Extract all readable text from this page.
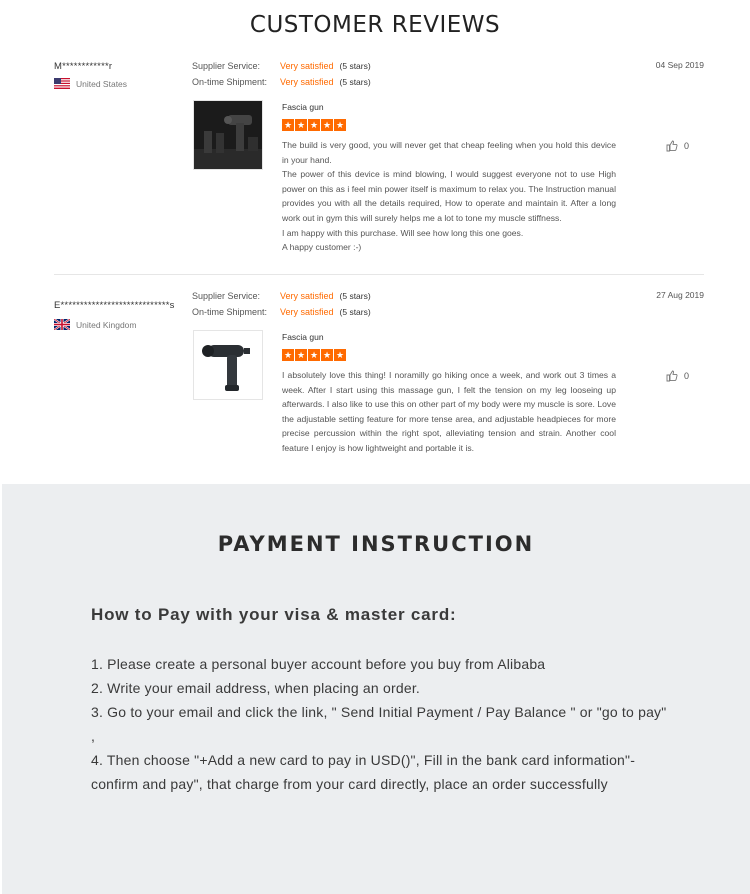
CUSTOMER REVIEWS
M************r
United States
Supplier Service:	Very satisfied (5 stars)
On-time Shipment:	Very satisfied (5 stars)
04 Sep 2019
Fascia gun
★ ★ ★ ★ ★

The build is very good, you will never get that cheap feeling when you hold this device in your hand.

The power of this device is mind blowing, I would suggest everyone not to use High power on this as i feel min power itself is maximum to relax you. The Instruction manual provides you with all the details required, How to operate and maintain it. After a long work out in gym this will surely helps me a lot to tone my muscle stiffness.

I am happy with this purchase. Will see how long this one goes.

A happy customer :-)

0
E****************************s
United Kingdom
Supplier Service:	Very satisfied (5 stars)
On-time Shipment:	Very satisfied (5 stars)
27 Aug 2019
Fascia gun
★ ★ ★ ★ ★

I absolutely love this thing! I noramilly go hiking once a week, and work out 3 times a week. After I start using this massage gun, I felt the tension on my leg looseing up afterwards. I also like to use this on other part of my body were my muscle is sore. Love the adjustable setting feature for more tense area, and adjustable headpieces for more precise percussion within the right spot, alleviating tension and strain. Another cool feature I enjoy is how lightweight and portable it is.

0
PAYMENT INSTRUCTION
How to Pay with your visa & master card:

1. Please create a personal buyer account before you buy from Alibaba

2. Write your email address, when placing an order.

3. Go to your email and click the link, " Send Initial Payment / Pay Balance " or "go to pay" ,

4. Then choose "+Add a new card to pay in USD()", Fill in the bank card information"-confirm and pay", that charge from your card directly, place an order successfully
